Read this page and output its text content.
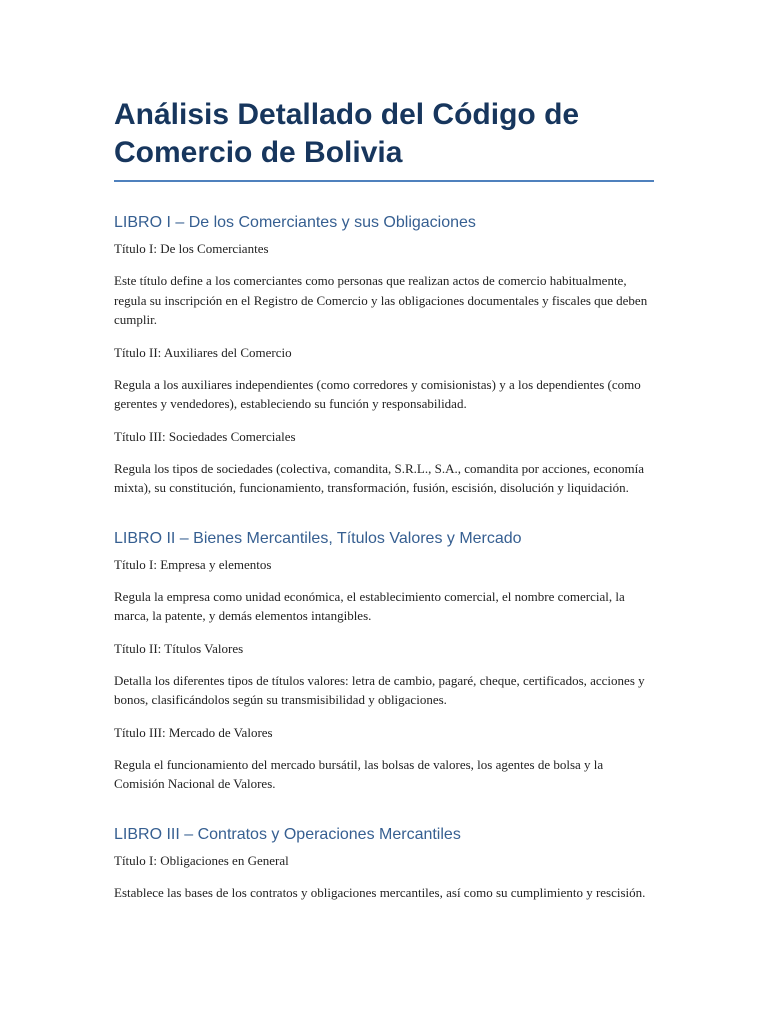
Análisis Detallado del Código de Comercio de Bolivia
LIBRO I – De los Comerciantes y sus Obligaciones

Título I: De los Comerciantes

Este título define a los comerciantes como personas que realizan actos de comercio habitualmente, regula su inscripción en el Registro de Comercio y las obligaciones documentales y fiscales que deben cumplir.

Título II: Auxiliares del Comercio

Regula a los auxiliares independientes (como corredores y comisionistas) y a los dependientes (como gerentes y vendedores), estableciendo su función y responsabilidad.

Título III: Sociedades Comerciales

Regula los tipos de sociedades (colectiva, comandita, S.R.L., S.A., comandita por acciones, economía mixta), su constitución, funcionamiento, transformación, fusión, escisión, disolución y liquidación.

LIBRO II – Bienes Mercantiles, Títulos Valores y Mercado

Título I: Empresa y elementos

Regula la empresa como unidad económica, el establecimiento comercial, el nombre comercial, la marca, la patente, y demás elementos intangibles.

Título II: Títulos Valores

Detalla los diferentes tipos de títulos valores: letra de cambio, pagaré, cheque, certificados, acciones y bonos, clasificándolos según su transmisibilidad y obligaciones.

Título III: Mercado de Valores

Regula el funcionamiento del mercado bursátil, las bolsas de valores, los agentes de bolsa y la Comisión Nacional de Valores.

LIBRO III – Contratos y Operaciones Mercantiles

Título I: Obligaciones en General

Establece las bases de los contratos y obligaciones mercantiles, así como su cumplimiento y rescisión.
